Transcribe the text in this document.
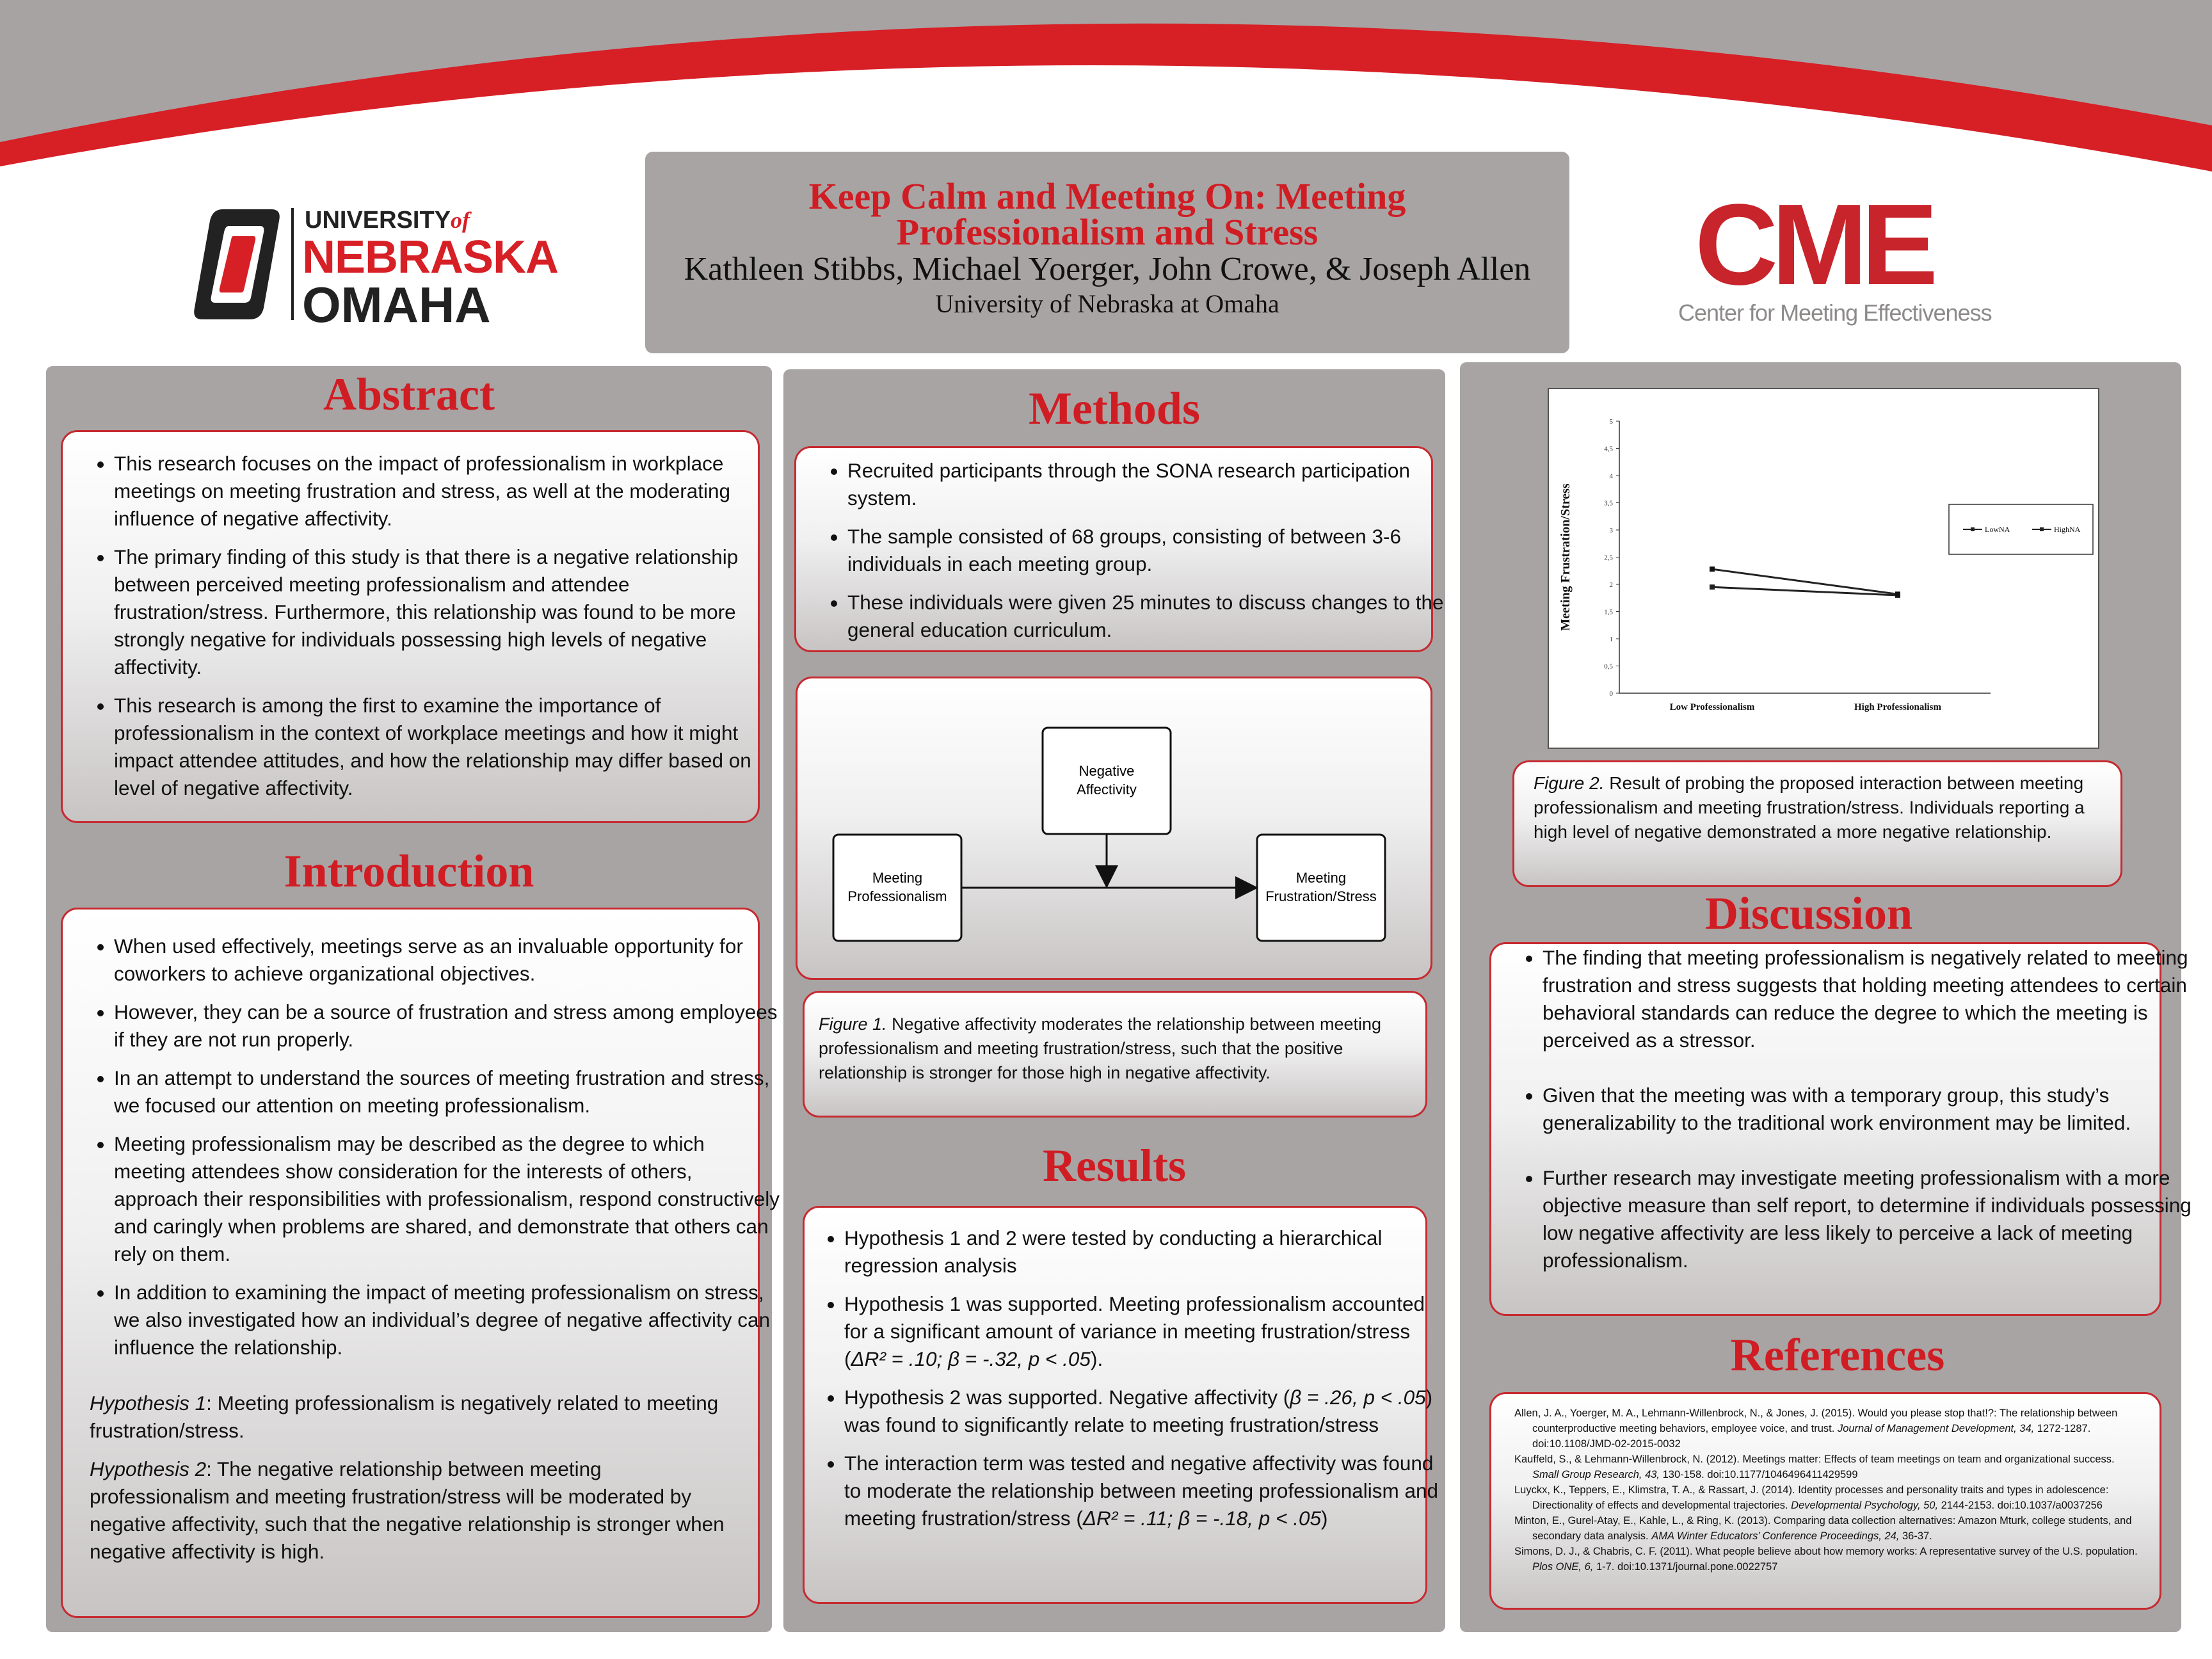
UNIVERSITYof
NEBRASKA
OMAHA
Keep Calm and Meeting On: Meeting Professionalism and Stress
Kathleen Stibbs, Michael Yoerger, John Crowe, & Joseph Allen
University of Nebraska at Omaha	CME
Center for Meeting Effectiveness
Abstract
• This research focuses on the impact of professionalism in workplace meetings on meeting frustration and stress, as well at the moderating influence of negative affectivity.
• The primary finding of this study is that there is a negative relationship between perceived meeting professionalism and attendee frustration/stress. Furthermore, this relationship was found to be more strongly negative for individuals possessing high levels of negative affectivity.
• This research is among the first to examine the importance of professionalism in the context of workplace meetings and how it might impact attendee attitudes, and how the relationship may differ based on level of negative affectivity.
Introduction
• When used effectively, meetings serve as an invaluable opportunity for coworkers to achieve organizational objectives.
• However, they can be a source of frustration and stress among employees if they are not run properly.
• In an attempt to understand the sources of meeting frustration and stress, we focused our attention on meeting professionalism.
• Meeting professionalism may be described as the degree to which meeting attendees show consideration for the interests of others, approach their responsibilities with professionalism, respond constructively and caringly when problems are shared, and demonstrate that others can rely on them.
• In addition to examining the impact of meeting professionalism on stress, we also investigated how an individual’s degree of negative affectivity can influence the relationship.

Hypothesis 1: Meeting professionalism is negatively related to meeting frustration/stress.

Hypothesis 2: The negative relationship between meeting professionalism and meeting frustration/stress will be moderated by negative affectivity, such that the negative relationship is stronger when negative affectivity is high.

Methods
• Recruited participants through the SONA research participation system.
• The sample consisted of 68 groups, consisting of between 3-6 individuals in each meeting group.
• These individuals were given 25 minutes to discuss changes to the general education curriculum.
Negative
Affectivity
Meeting
Professionalism
Meeting
Frustration/Stress

Figure 1. Negative affectivity moderates the relationship between meeting professionalism and meeting frustration/stress, such that the positive relationship is stronger for those high in negative affectivity.

Results
• Hypothesis 1 and 2 were tested by conducting a hierarchical regression analysis
• Hypothesis 1 was supported. Meeting professionalism accounted for a significant amount of variance in meeting frustration/stress (ΔR² = .10; β = -.32, p < .05).
• Hypothesis 2 was supported. Negative affectivity (β = .26, p < .05) was found to significantly relate to meeting frustration/stress
• The interaction term was tested and negative affectivity was found to moderate the relationship between meeting professionalism and meeting frustration/stress (ΔR² = .11; β = -.18, p < .05)
0
0,5
1
1,5
2
2,5
3
3,5
4
4,5
5
Low Professionalism	High Professionalism
Meeting Frustration/Stress	LowNA	HighNA

Figure 2. Result of probing the proposed interaction between meeting professionalism and meeting frustration/stress. Individuals reporting a high level of negative demonstrated a more negative relationship.

Discussion
• The finding that meeting professionalism is negatively related to meeting frustration and stress suggests that holding meeting attendees to certain behavioral standards can reduce the degree to which the meeting is perceived as a stressor.
• Given that the meeting was with a temporary group, this study’s generalizability to the traditional work environment may be limited.
• Further research may investigate meeting professionalism with a more objective measure than self report, to determine if individuals possessing low negative affectivity are less likely to perceive a lack of meeting professionalism.
References

Allen, J. A., Yoerger, M. A., Lehmann-Willenbrock, N., & Jones, J. (2015). Would you please stop that!?: The relationship between counterproductive meeting behaviors, employee voice, and trust. Journal of Management Development, 34, 1272-1287. doi:10.1108/JMD-02-2015-0032

Kauffeld, S., & Lehmann-Willenbrock, N. (2012). Meetings matter: Effects of team meetings on team and organizational success. Small Group Research, 43, 130-158. doi:10.1177/1046496411429599

Luyckx, K., Teppers, E., Klimstra, T. A., & Rassart, J. (2014). Identity processes and personality traits and types in adolescence: Directionality of effects and developmental trajectories. Developmental Psychology, 50, 2144-2153. doi:10.1037/a0037256

Minton, E., Gurel-Atay, E., Kahle, L., & Ring, K. (2013). Comparing data collection alternatives: Amazon Mturk, college students, and secondary data analysis. AMA Winter Educators’ Conference Proceedings, 24, 36-37.

Simons, D. J., & Chabris, C. F. (2011). What people believe about how memory works: A representative survey of the U.S. population. Plos ONE, 6, 1-7. doi:10.1371/journal.pone.0022757
